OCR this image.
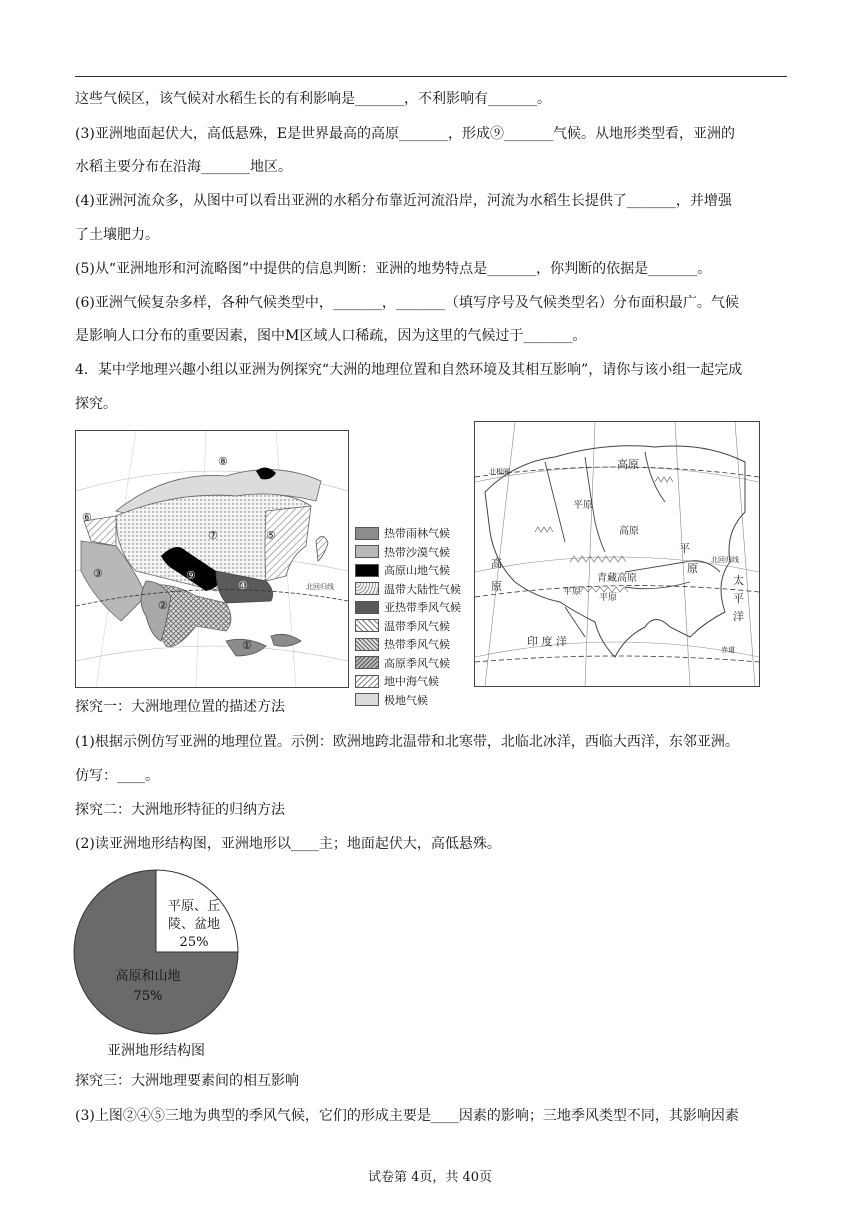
这些气候区，该气候对水稻生长的有利影响是_______，不利影响有_______。
(3)亚洲地面起伏大，高低悬殊，E是世界最高的高原_______，形成⑨_______气候。从地形类型看，亚洲的
水稻主要分布在沿海_______地区。
(4)亚洲河流众多，从图中可以看出亚洲的水稻分布靠近河流沿岸，河流为水稻生长提供了_______，并增强
了土壤肥力。
(5)从“亚洲地形和河流略图”中提供的信息判断：亚洲的地势特点是_______，你判断的依据是_______。
(6)亚洲气候复杂多样，各种气候类型中，_______，_______（填写序号及气候类型名）分布面积最广。气候
是影响人口分布的重要因素，图中M区域人口稀疏，因为这里的气候过于_______。
4．某中学地理兴趣小组以亚洲为例探究“大洲的地理位置和自然环境及其相互影响”，请你与该小组一起完成
探究。
北回归线
①
②
③
④
⑤
⑥
⑦
⑧
⑨
热带雨林气候
热带沙漠气候
高原山地气候
温带大陆性气候
亚热带季风气候
温带季风气候
热带季风气候
高原季风气候
地中海气候
极地气候
高原
平原
高原
平
原
高
原
青藏高原
平原
平原
太
平
洋
印 度 洋
北极圈
北回归线
赤道
探究一：大洲地理位置的描述方法
(1)根据示例仿写亚洲的地理位置。示例：欧洲地跨北温带和北寒带，北临北冰洋，西临大西洋，东邻亚洲。
仿写：____。
探究二：大洲地形特征的归纳方法
(2)读亚洲地形结构图，亚洲地形以____主；地面起伏大，高低悬殊。
平原、丘
陵、盆地
25%
高原和山地
75%
亚洲地形结构图
探究三：大洲地理要素间的相互影响
(3)上图②④⑤三地为典型的季风气候，它们的形成主要是____因素的影响；三地季风类型不同，其影响因素
试卷第 4页，共 40页
